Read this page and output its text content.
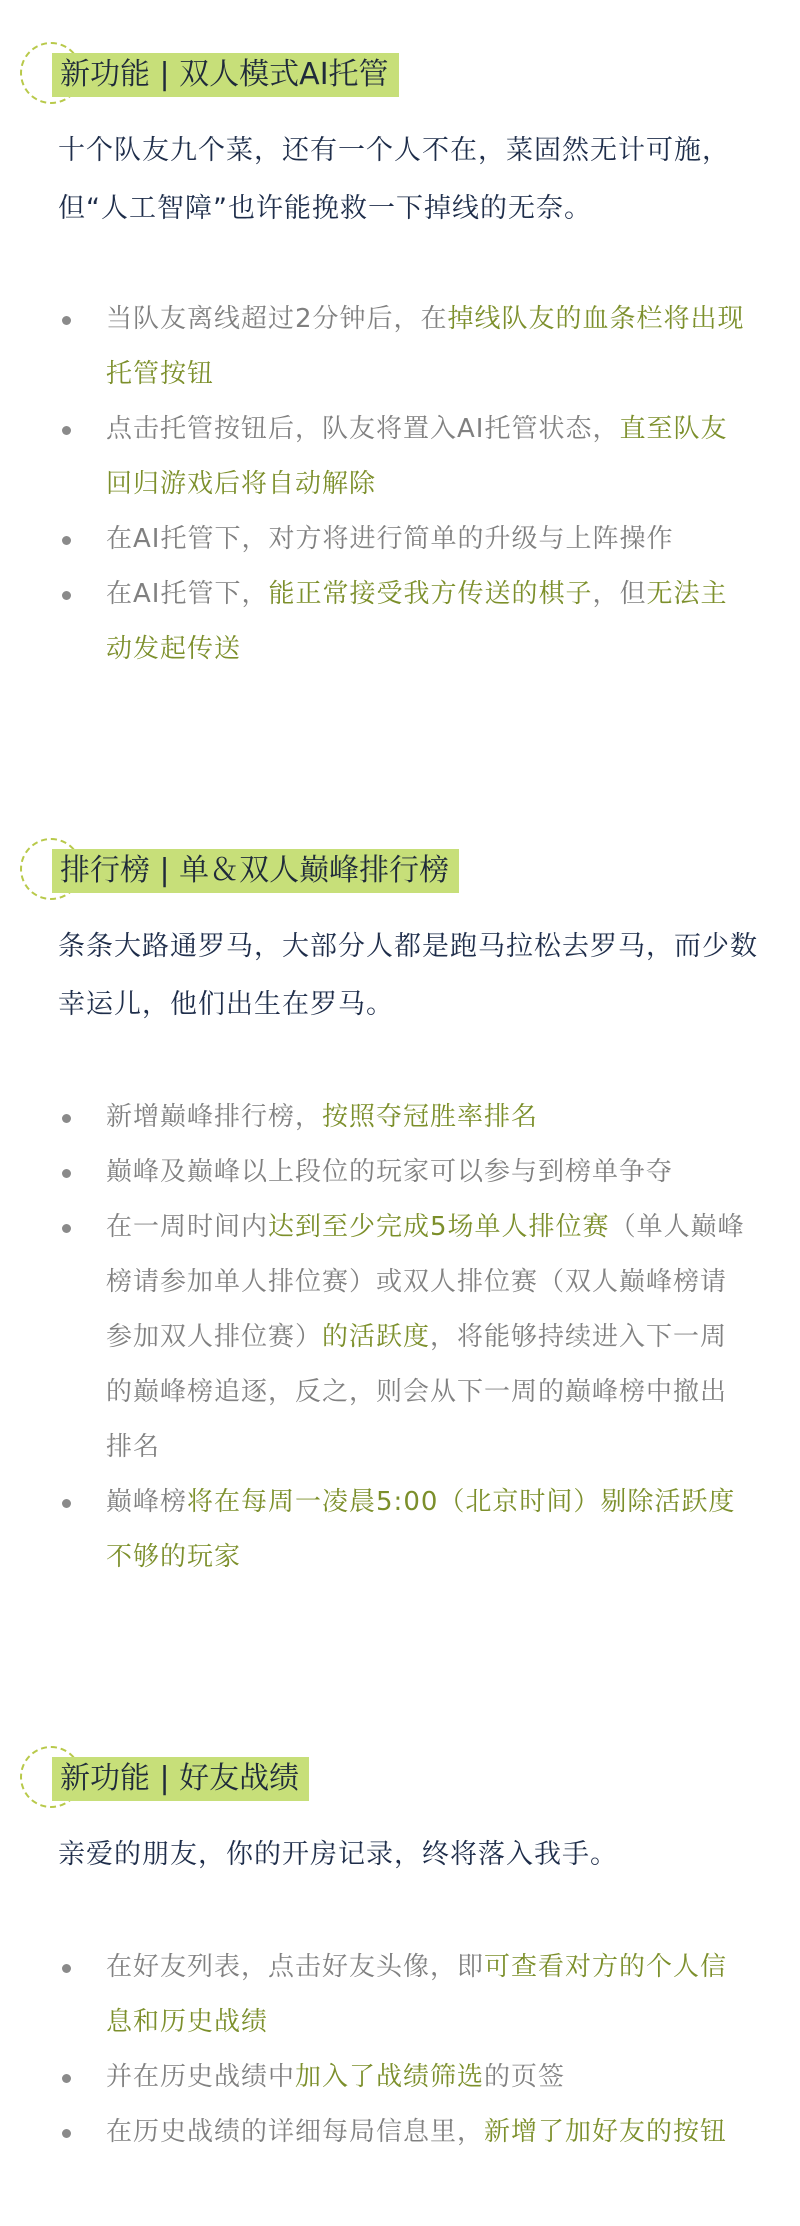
新功能 | 双人模式AI托管

十个队友九个菜，还有一个人不在，菜固然无计可施，但“人工智障”也许能挽救一下掉线的无奈。

当队友离线超过2分钟后，在掉线队友的血条栏将出现托管按钮
点击托管按钮后，队友将置入AI托管状态，直至队友回归游戏后将自动解除
在AI托管下，对方将进行简单的升级与上阵操作
在AI托管下，能正常接受我方传送的棋子，但无法主动发起传送
排行榜 | 单＆双人巅峰排行榜

条条大路通罗马，大部分人都是跑马拉松去罗马，而少数幸运儿，他们出生在罗马。

新增巅峰排行榜，按照夺冠胜率排名
巅峰及巅峰以上段位的玩家可以参与到榜单争夺
在一周时间内达到至少完成5场单人排位赛（单人巅峰榜请参加单人排位赛）或双人排位赛（双人巅峰榜请参加双人排位赛）的活跃度，将能够持续进入下一周的巅峰榜追逐，反之，则会从下一周的巅峰榜中撤出排名
巅峰榜将在每周一凌晨5:00（北京时间）剔除活跃度不够的玩家
新功能 | 好友战绩

亲爱的朋友，你的开房记录，终将落入我手。

在好友列表，点击好友头像，即可查看对方的个人信息和历史战绩
并在历史战绩中加入了战绩筛选的页签
在历史战绩的详细每局信息里，新增了加好友的按钮
